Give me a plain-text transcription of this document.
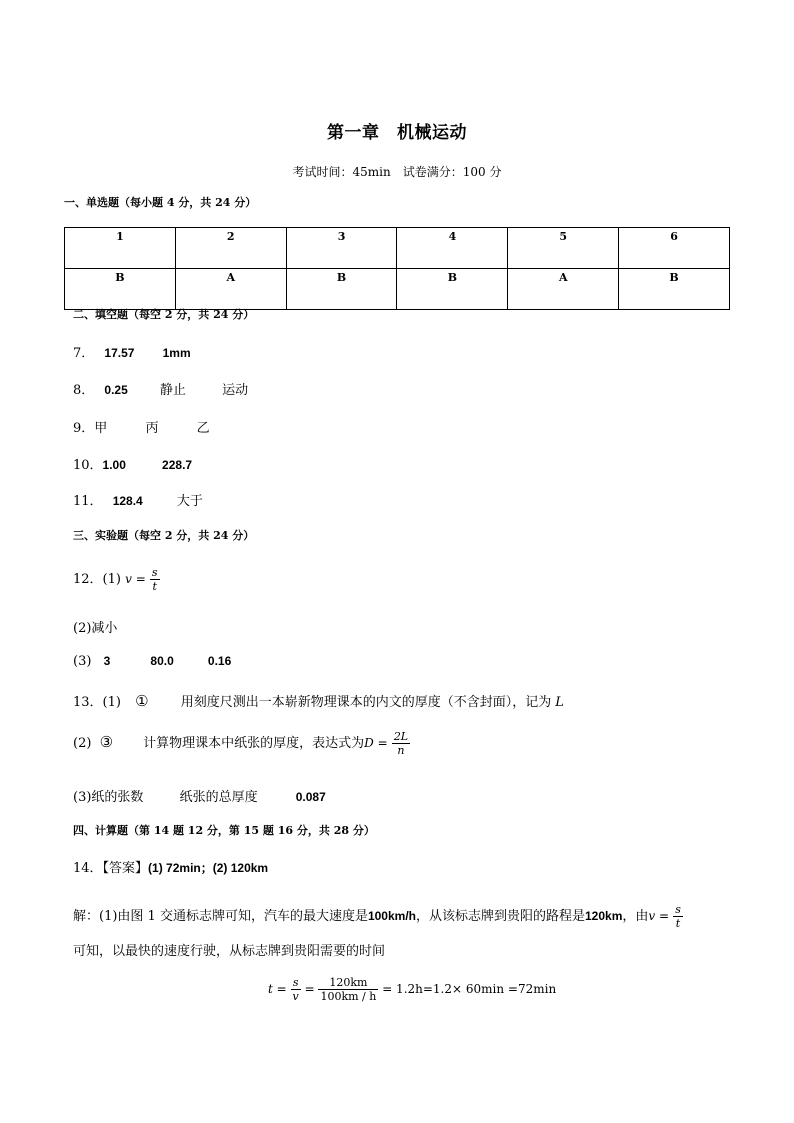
第一章　机械运动
考试时间：45min　试卷满分：100 分
一、单选题（每小题 4 分，共 24 分）
1	2	3	4	5	6
B	A	B	B	A	B
二、填空题（每空 2 分，共 24 分）
7． 17.57 1mm
8． 0.25 静止	运动
9．甲	丙	乙
10．1.00	228.7
11． 128.4	大于
三、实验题（每空 2 分，共 24 分）
12．(1) $v = \frac{s}{t}$
(2)减小
(3) 3	80.0	0.16
13．(1) ① 用刻度尺测出一本崭新物理课本的内文的厚度（不含封面），记为 L
(2) ③ 计算物理课本中纸张的厚度，表达式为$D = \frac{2L}{n}$
(3)纸的张数	纸张的总厚度	0.087
四、计算题（第 14 题 12 分，第 15 题 16 分，共 28 分）
14．【答案】(1) 72min；(2) 120km
解：(1)由图 1 交通标志牌可知，汽车的最大速度是100km/h，从该标志牌到贵阳的路程是120km，由$v = \frac{s}{t}$
可知，以最快的速度行驶，从标志牌到贵阳需要的时间
$t = \frac{s}{v} = \frac{120km}{100km / h} = 1.2h=1.2\times 60\min =72\min$
